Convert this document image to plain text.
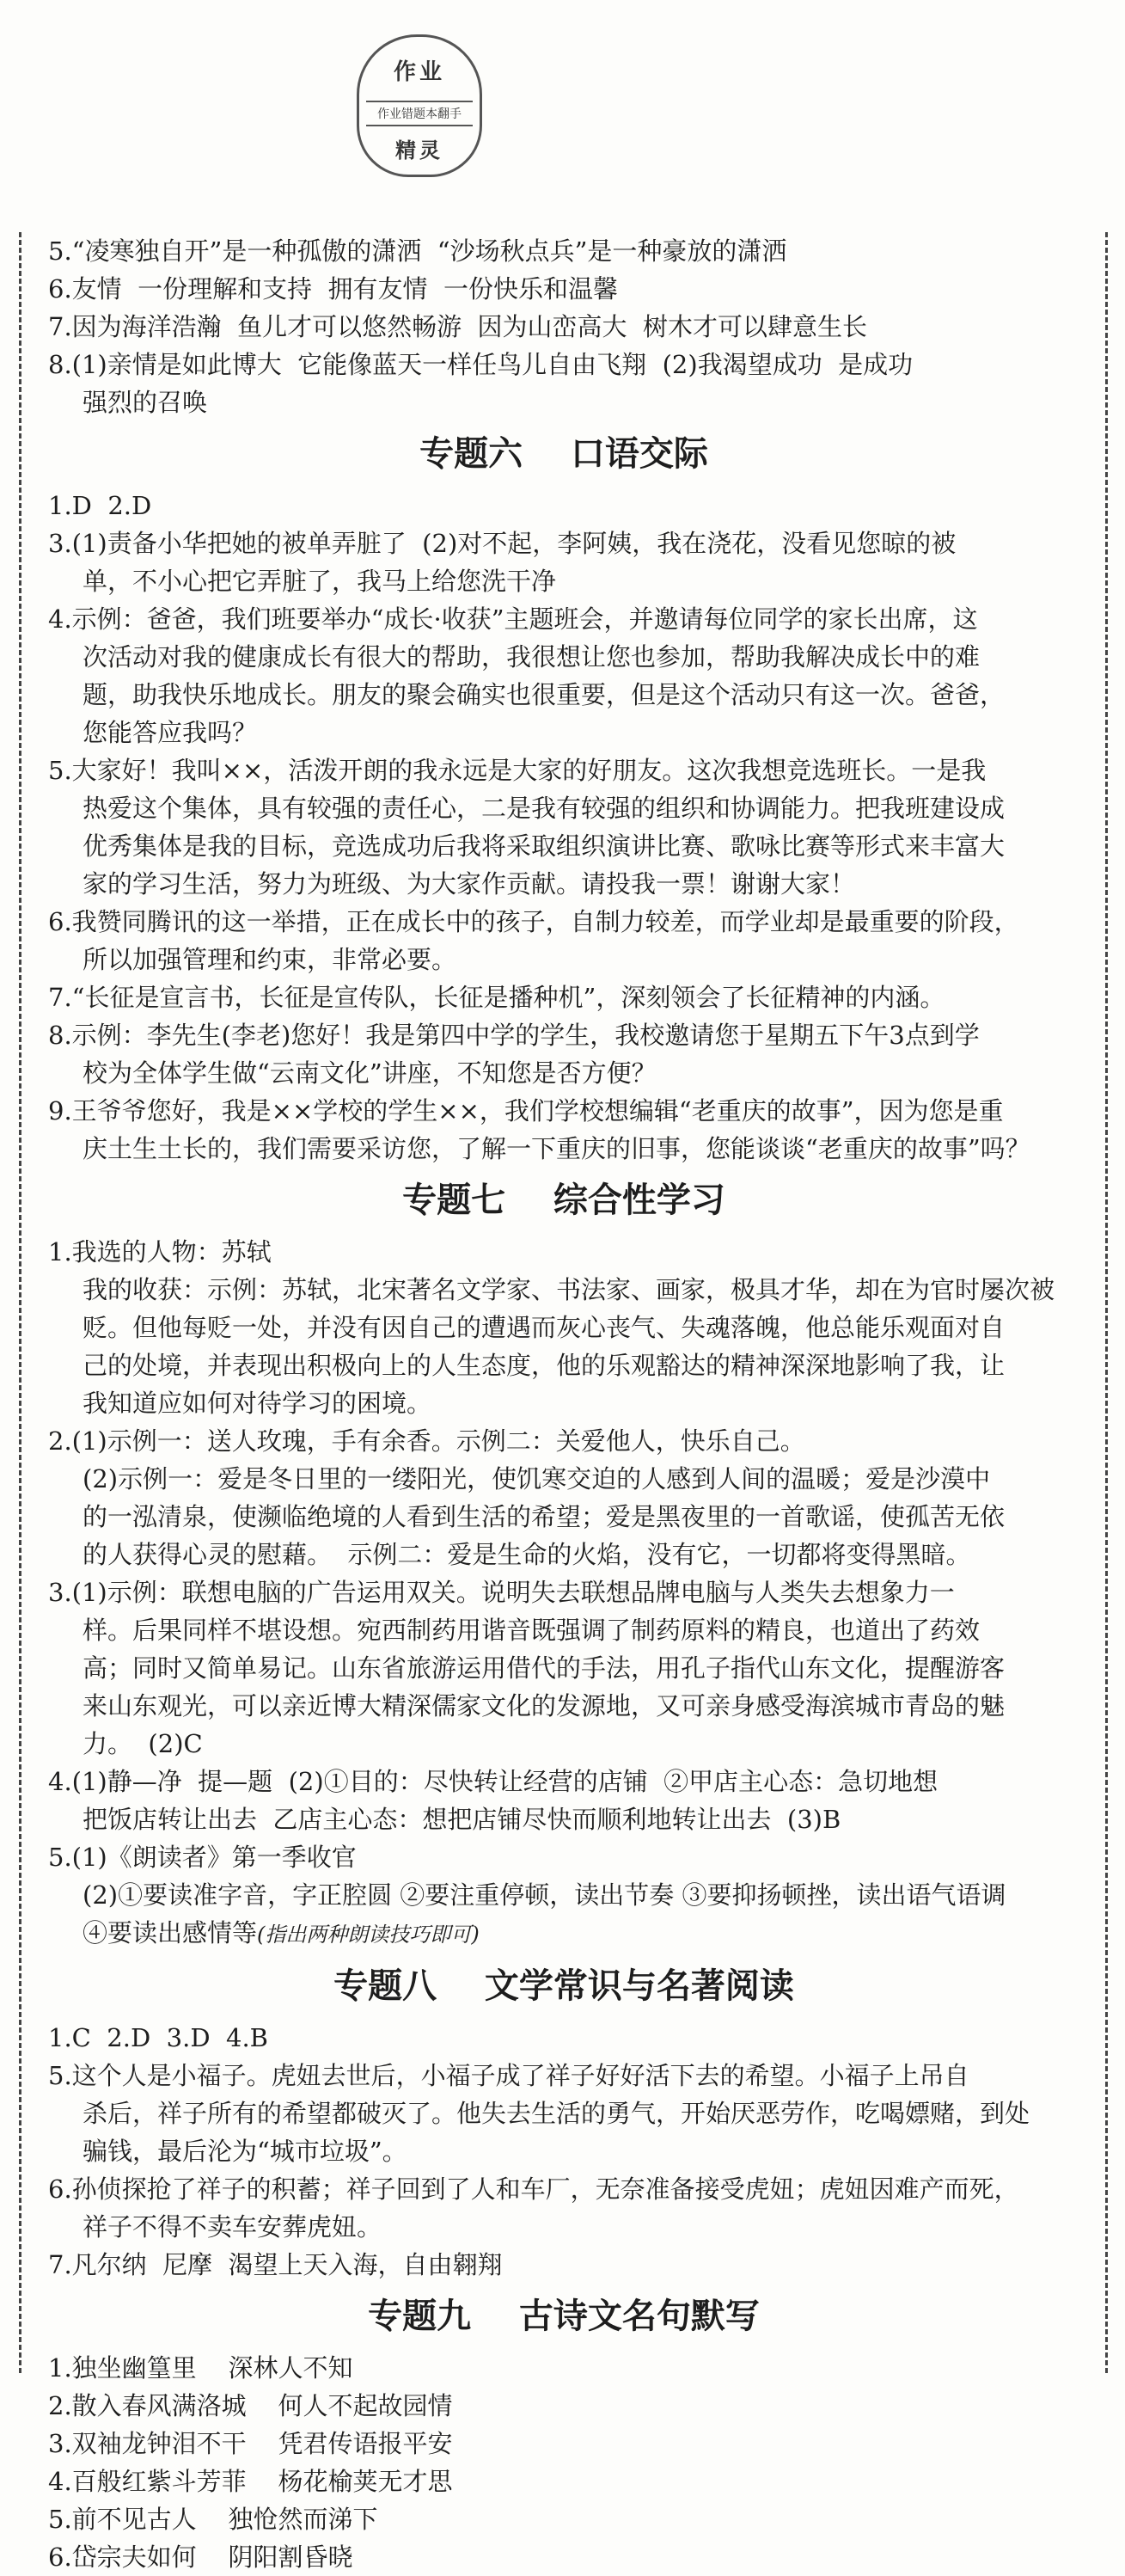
作业
作业错题本翻手
精灵

5.“凌寒独自开”是一种孤傲的潇洒  “沙场秋点兵”是一种豪放的潇洒

6.友情  一份理解和支持  拥有友情  一份快乐和温馨

7.因为海洋浩瀚  鱼儿才可以悠然畅游  因为山峦高大  树木才可以肆意生长

8.(1)亲情是如此博大  它能像蓝天一样任鸟儿自由飞翔  (2)我渴望成功  是成功

强烈的召唤

专题六    口语交际

1.D  2.D

3.(1)责备小华把她的被单弄脏了  (2)对不起，李阿姨，我在浇花，没看见您晾的被

单，不小心把它弄脏了，我马上给您洗干净

4.示例：爸爸，我们班要举办“成长·收获”主题班会，并邀请每位同学的家长出席，这

次活动对我的健康成长有很大的帮助，我很想让您也参加，帮助我解决成长中的难

题，助我快乐地成长。朋友的聚会确实也很重要，但是这个活动只有这一次。爸爸，

您能答应我吗？

5.大家好！我叫××，活泼开朗的我永远是大家的好朋友。这次我想竞选班长。一是我

热爱这个集体，具有较强的责任心，二是我有较强的组织和协调能力。把我班建设成

优秀集体是我的目标，竞选成功后我将采取组织演讲比赛、歌咏比赛等形式来丰富大

家的学习生活，努力为班级、为大家作贡献。请投我一票！谢谢大家！

6.我赞同腾讯的这一举措，正在成长中的孩子，自制力较差，而学业却是最重要的阶段，

所以加强管理和约束，非常必要。

7.“长征是宣言书，长征是宣传队，长征是播种机”，深刻领会了长征精神的内涵。

8.示例：李先生(李老)您好！我是第四中学的学生，我校邀请您于星期五下午3点到学

校为全体学生做“云南文化”讲座，不知您是否方便？

9.王爷爷您好，我是××学校的学生××，我们学校想编辑“老重庆的故事”，因为您是重

庆土生土长的，我们需要采访您，了解一下重庆的旧事，您能谈谈“老重庆的故事”吗？

专题七    综合性学习

1.我选的人物：苏轼

我的收获：示例：苏轼，北宋著名文学家、书法家、画家，极具才华，却在为官时屡次被

贬。但他每贬一处，并没有因自己的遭遇而灰心丧气、失魂落魄，他总能乐观面对自

己的处境，并表现出积极向上的人生态度，他的乐观豁达的精神深深地影响了我，让

我知道应如何对待学习的困境。

2.(1)示例一：送人玫瑰，手有余香。示例二：关爱他人，快乐自己。

(2)示例一：爱是冬日里的一缕阳光，使饥寒交迫的人感到人间的温暖；爱是沙漠中

的一泓清泉，使濒临绝境的人看到生活的希望；爱是黑夜里的一首歌谣，使孤苦无依

的人获得心灵的慰藉。  示例二：爱是生命的火焰，没有它，一切都将变得黑暗。

3.(1)示例：联想电脑的广告运用双关。说明失去联想品牌电脑与人类失去想象力一

样。后果同样不堪设想。宛西制药用谐音既强调了制药原料的精良，也道出了药效

高；同时又简单易记。山东省旅游运用借代的手法，用孔子指代山东文化，提醒游客

来山东观光，可以亲近博大精深儒家文化的发源地，又可亲身感受海滨城市青岛的魅

力。  (2)C

4.(1)静—净  提—题  (2)①目的：尽快转让经营的店铺  ②甲店主心态：急切地想

把饭店转让出去  乙店主心态：想把店铺尽快而顺利地转让出去  (3)B

5.(1)《朗读者》第一季收官

(2)①要读准字音，字正腔圆 ②要注重停顿，读出节奏 ③要抑扬顿挫，读出语气语调

④要读出感情等(指出两种朗读技巧即可)

专题八    文学常识与名著阅读

1.C  2.D  3.D  4.B

5.这个人是小福子。虎妞去世后，小福子成了祥子好好活下去的希望。小福子上吊自

杀后，祥子所有的希望都破灭了。他失去生活的勇气，开始厌恶劳作，吃喝嫖赌，到处

骗钱，最后沦为“城市垃圾”。

6.孙侦探抢了祥子的积蓄；祥子回到了人和车厂，无奈准备接受虎妞；虎妞因难产而死，

祥子不得不卖车安葬虎妞。

7.凡尔纳  尼摩  渴望上天入海，自由翱翔

专题九    古诗文名句默写

1.独坐幽篁里    深林人不知

2.散入春风满洛城    何人不起故园情

3.双袖龙钟泪不干    凭君传语报平安

4.百般红紫斗芳菲    杨花榆荚无才思

5.前不见古人    独怆然而涕下

6.岱宗夫如何    阴阳割昏晓
